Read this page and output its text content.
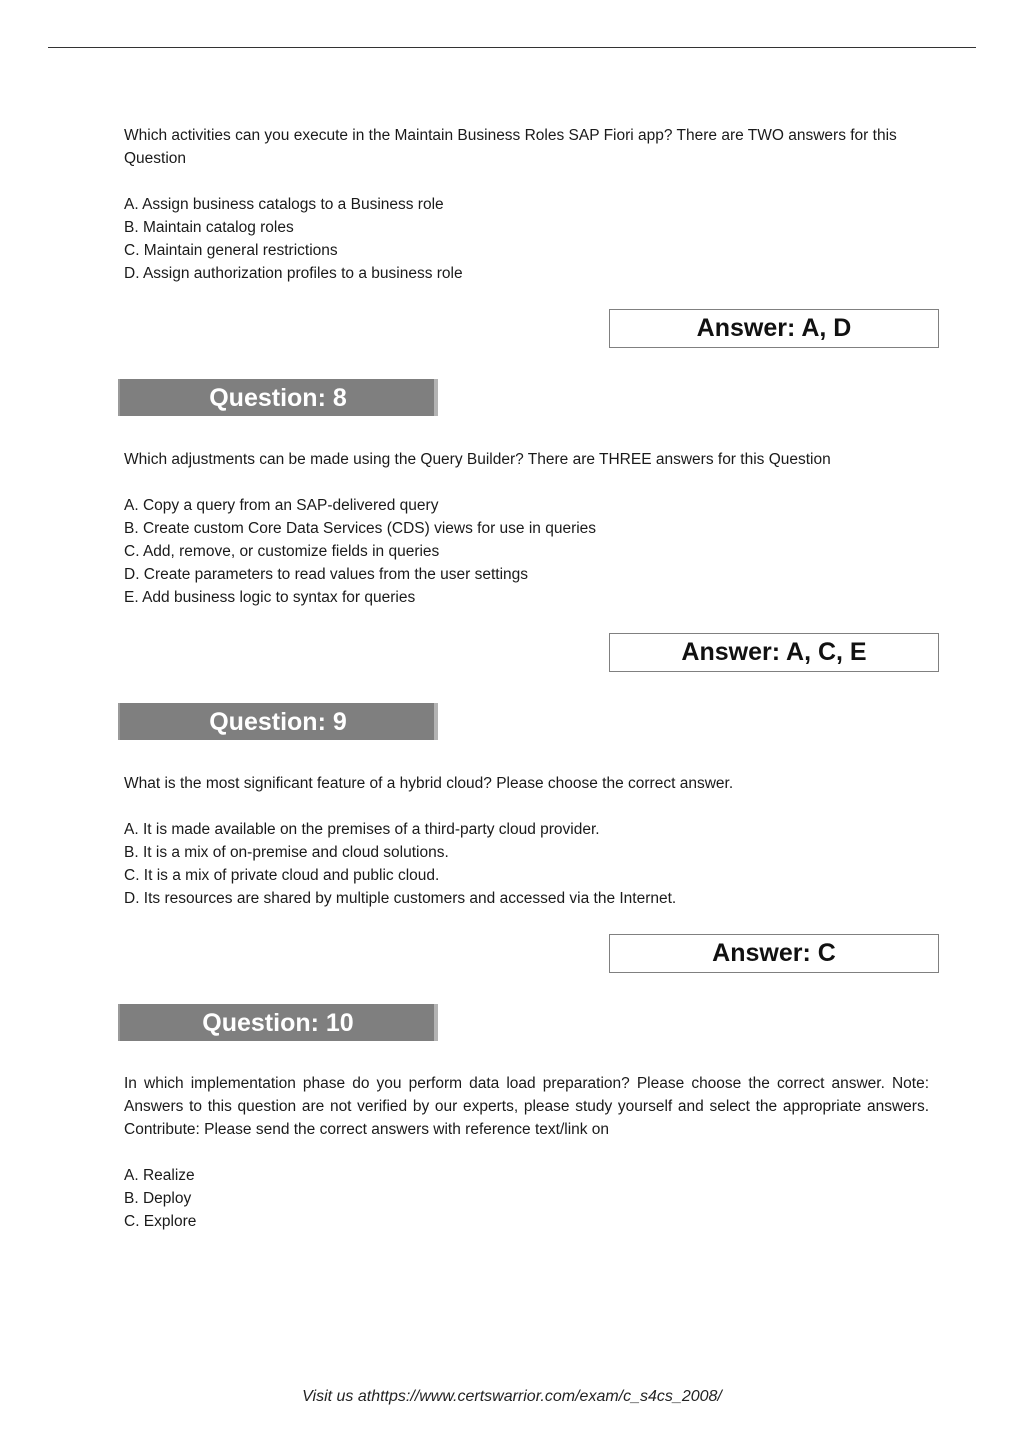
Which activities can you execute in the Maintain Business Roles SAP Fiori app? There are TWO answers for this Question

A. Assign business catalogs to a Business role
B. Maintain catalog roles
C. Maintain general restrictions
D. Assign authorization profiles to a business role
Answer: A, D
Question: 8

Which adjustments can be made using the Query Builder? There are THREE answers for this Question

A. Copy a query from an SAP-delivered query
B. Create custom Core Data Services (CDS) views for use in queries
C. Add, remove, or customize fields in queries
D. Create parameters to read values from the user settings
E. Add business logic to syntax for queries
Answer: A, C, E
Question: 9

What is the most significant feature of a hybrid cloud? Please choose the correct answer.

A. It is made available on the premises of a third-party cloud provider.
B. It is a mix of on-premise and cloud solutions.
C. It is a mix of private cloud and public cloud.
D. Its resources are shared by multiple customers and accessed via the Internet.
Answer: C
Question: 10

In which implementation phase do you perform data load preparation? Please choose the correct answer. Note: Answers to this question are not verified by our experts, please study yourself and select the appropriate answers. Contribute: Please send the correct answers with reference text/link on

A. Realize
B. Deploy
C. Explore
Visit us athttps://www.certswarrior.com/exam/c_s4cs_2008/
